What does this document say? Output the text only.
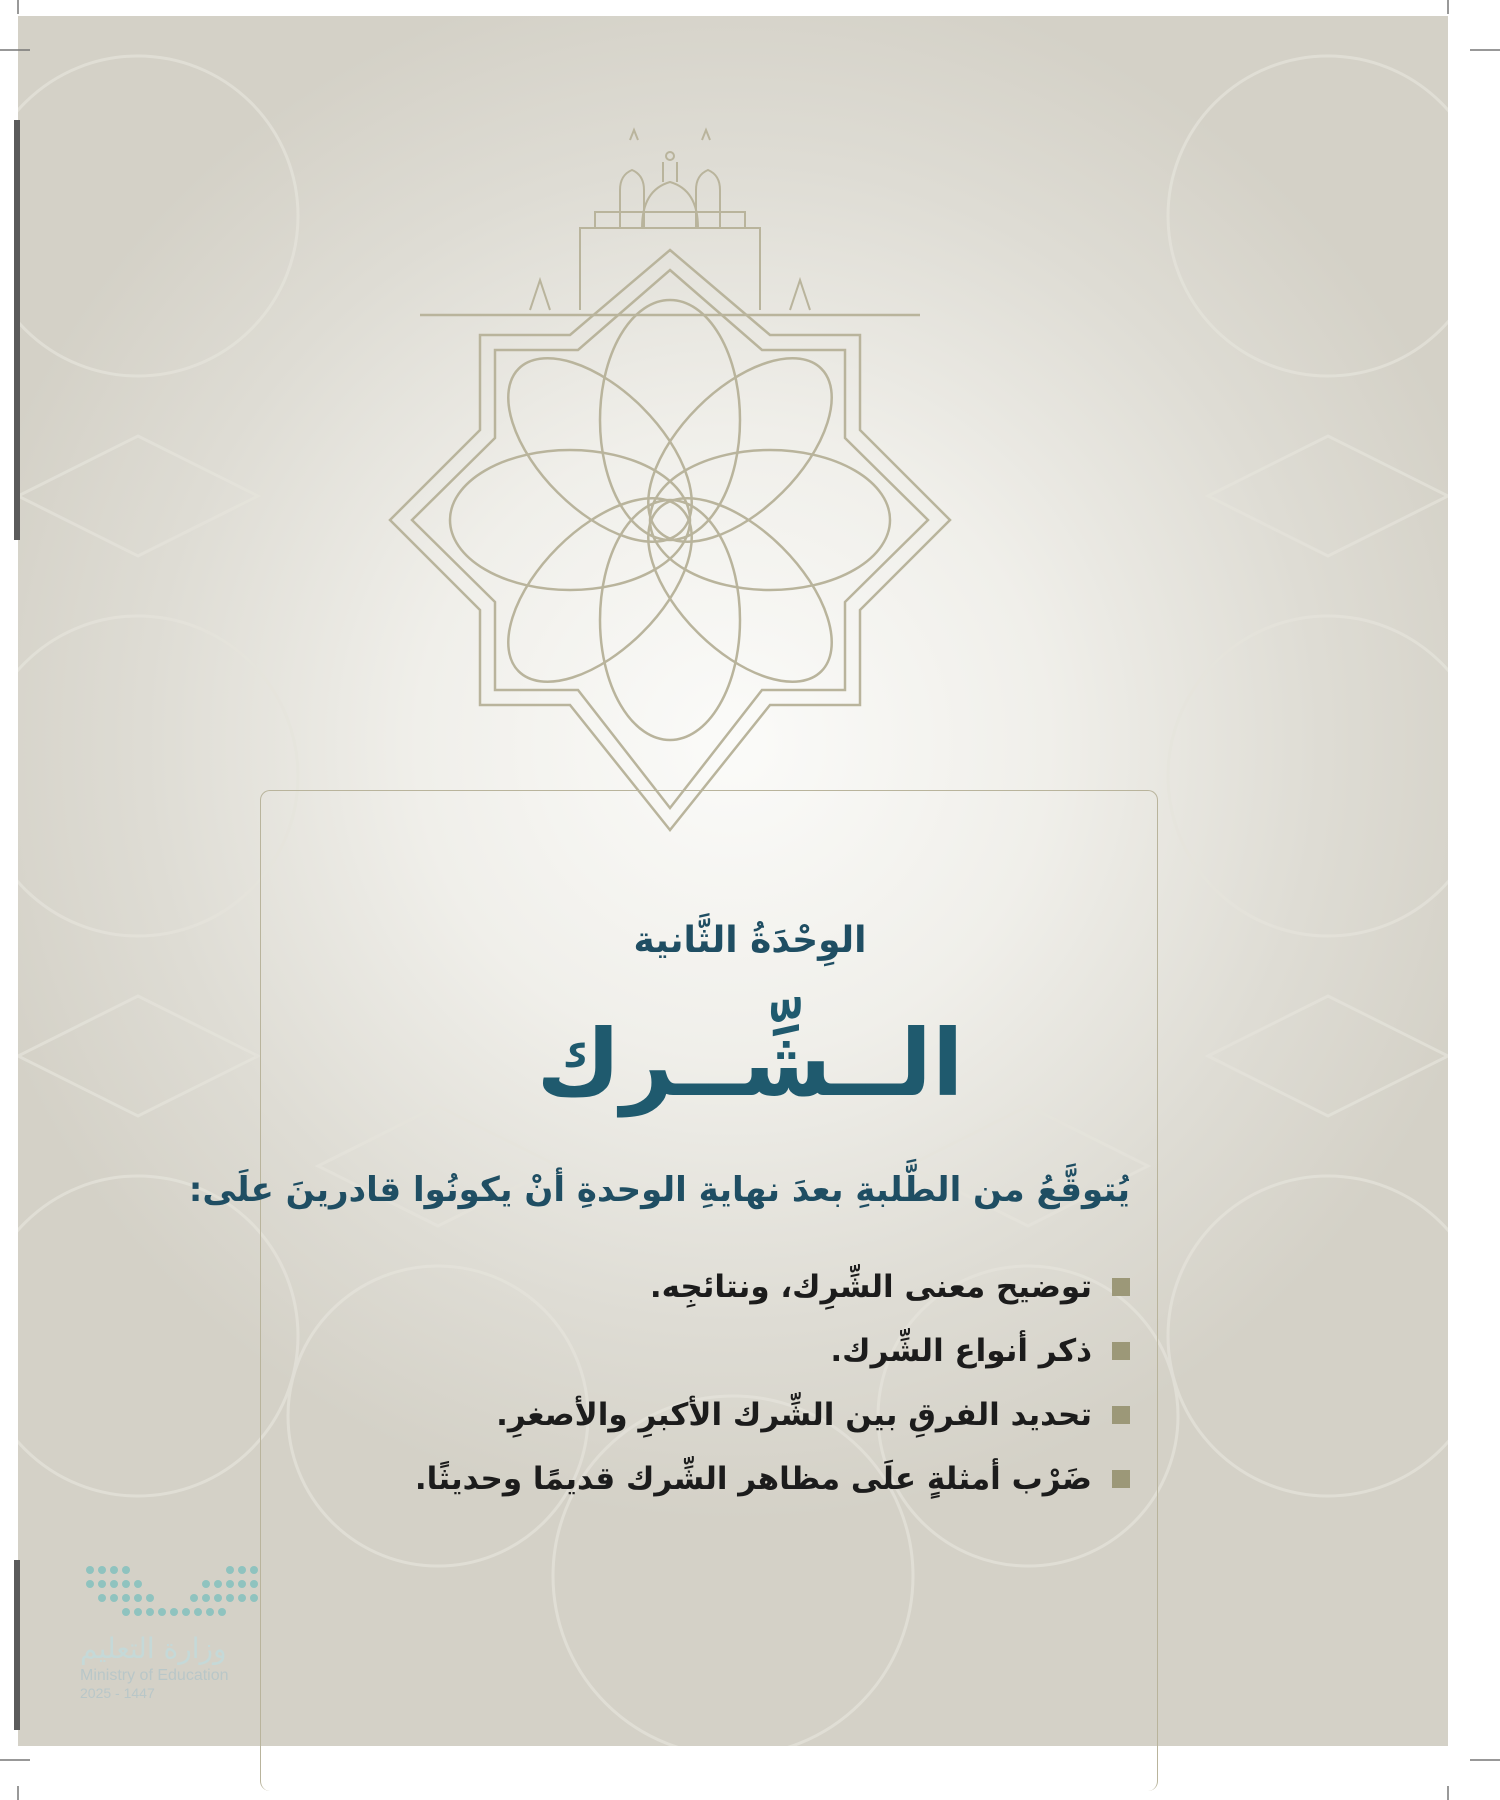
الوِحْدَةُ الثَّانية
الــشِّــرك
يُتوقَّعُ من الطَّلبةِ بعدَ نهايةِ الوحدةِ أنْ يكونُوا قادرينَ علَى:
توضيح معنى الشِّرِك، ونتائجِه.
ذكر أنواع الشِّرك.
تحديد الفرقِ بين الشِّرك الأكبرِ والأصغرِ.
ضَرْب أمثلةٍ علَى مظاهر الشِّرك قديمًا وحديثًا.
وزارة التعليم
Ministry of Education
2025 - 1447
